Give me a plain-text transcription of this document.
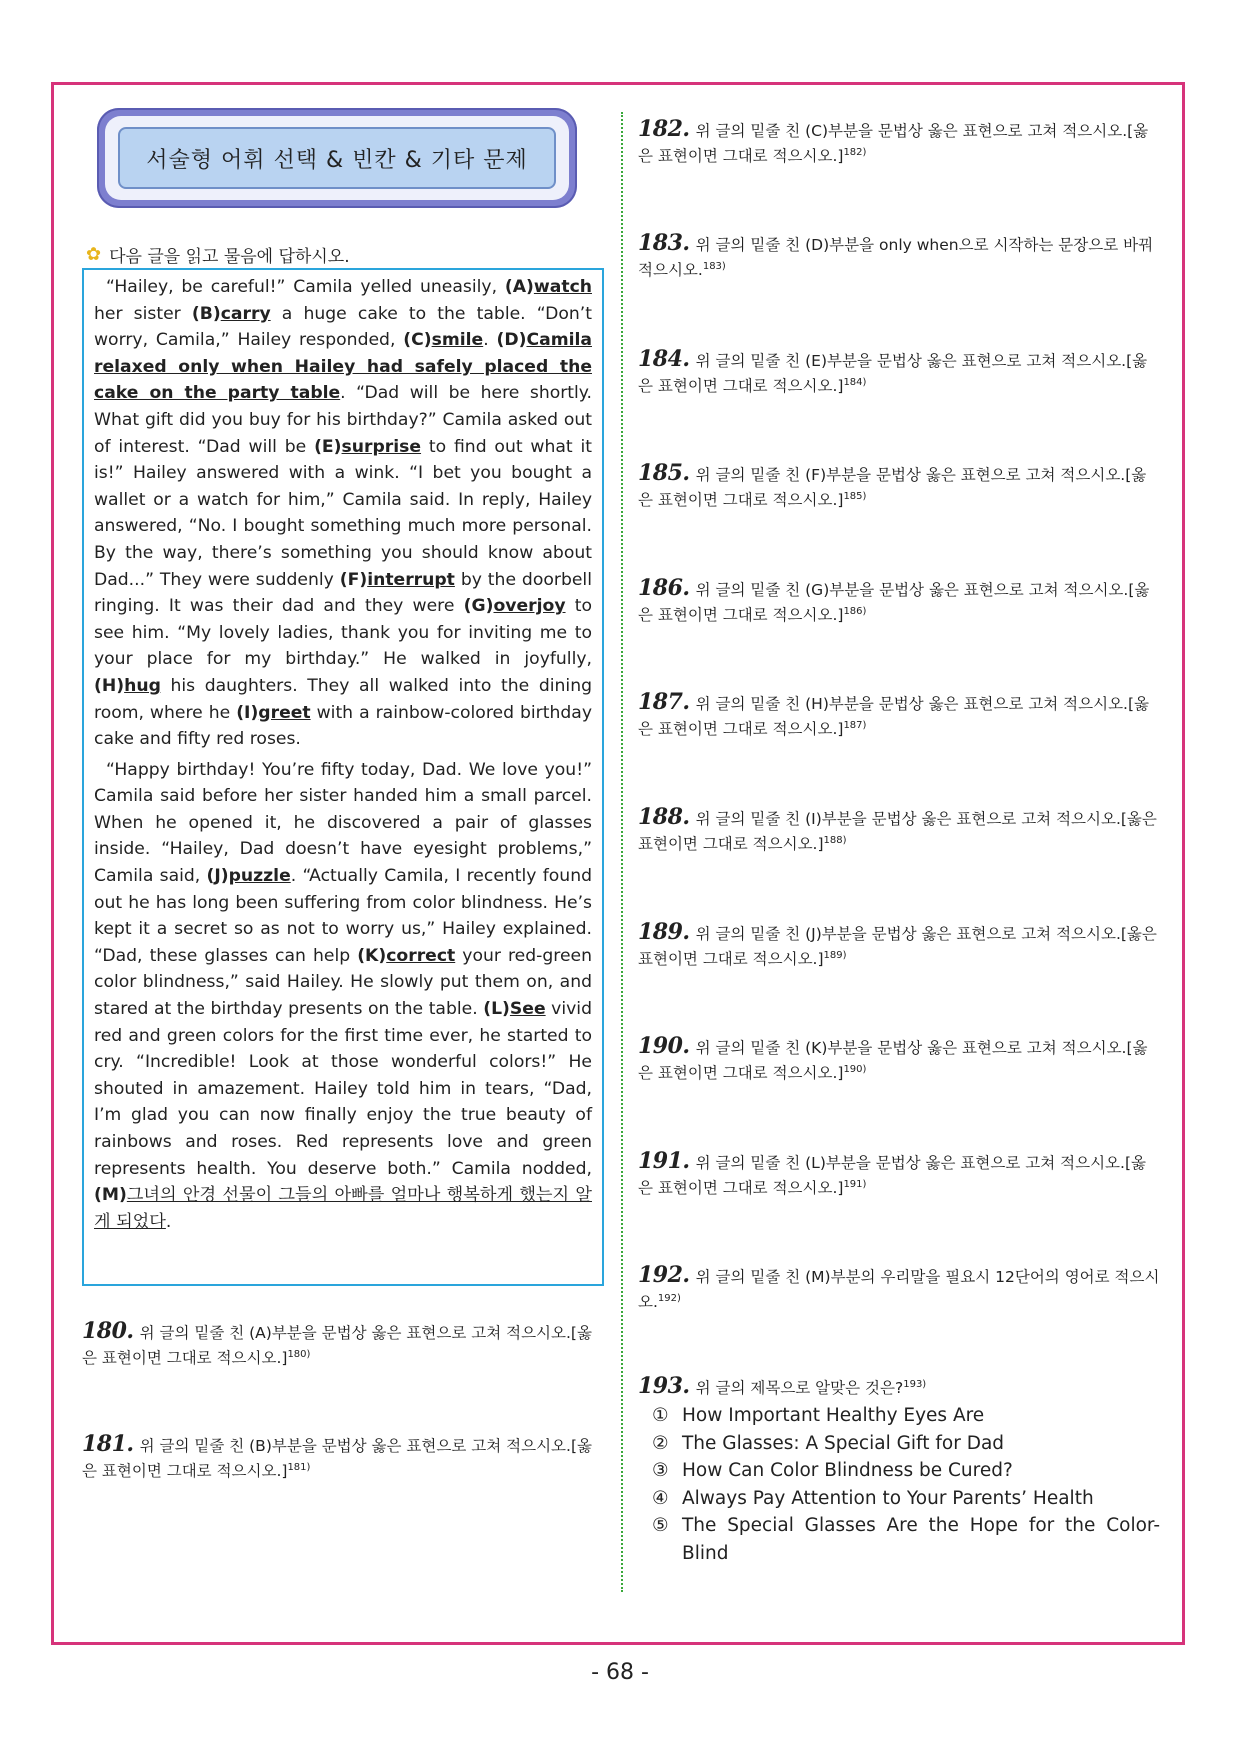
서술형 어휘 선택 & 빈칸 & 기타 문제
✿ 다음 글을 읽고 물음에 답하시오.

“Hailey, be careful!” Camila yelled uneasily, (A)watch her sister (B)carry a huge cake to the table. “Don’t worry, Camila,” Hailey responded, (C)smile. (D)Camila relaxed only when Hailey had safely placed the cake on the party table. “Dad will be here shortly. What gift did you buy for his birthday?” Camila asked out of interest. “Dad will be (E)surprise to find out what it is!” Hailey answered with a wink. “I bet you bought a wallet or a watch for him,” Camila said. In reply, Hailey answered, “No. I bought something much more personal. By the way, there’s something you should know about Dad...” They were suddenly (F)interrupt by the doorbell ringing. It was their dad and they were (G)overjoy to see him. “My lovely ladies, thank you for inviting me to your place for my birthday.” He walked in joyfully, (H)hug his daughters. They all walked into the dining room, where he (I)greet with a rainbow-colored birthday cake and fifty red roses.

“Happy birthday! You’re fifty today, Dad. We love you!” Camila said before her sister handed him a small parcel. When he opened it, he discovered a pair of glasses inside. “Hailey, Dad doesn’t have eyesight problems,” Camila said, (J)puzzle. “Actually Camila, I recently found out he has long been suffering from color blindness. He’s kept it a secret so as not to worry us,” Hailey explained. “Dad, these glasses can help (K)correct your red-green color blindness,” said Hailey. He slowly put them on, and stared at the birthday presents on the table. (L)See vivid red and green colors for the first time ever, he started to cry. “Incredible! Look at those wonderful colors!” He shouted in amazement. Hailey told him in tears, “Dad, I’m glad you can now finally enjoy the true beauty of rainbows and roses. Red represents love and green represents health. You deserve both.” Camila nodded, (M)그녀의 안경 선물이 그들의 아빠를 얼마나 행복하게 했는지 알게 되었다.

180. 위 글의 밑줄 친 (A)부분을 문법상 옳은 표현으로 고쳐 적으시오.[옳은 표현이면 그대로 적으시오.]$^{180)}$
181. 위 글의 밑줄 친 (B)부분을 문법상 옳은 표현으로 고쳐 적으시오.[옳은 표현이면 그대로 적으시오.]$^{181)}$
182. 위 글의 밑줄 친 (C)부분을 문법상 옳은 표현으로 고쳐 적으시오.[옳은 표현이면 그대로 적으시오.]$^{182)}$
183. 위 글의 밑줄 친 (D)부분을 only when으로 시작하는 문장으로 바꿔 적으시오.$^{183)}$
184. 위 글의 밑줄 친 (E)부분을 문법상 옳은 표현으로 고쳐 적으시오.[옳은 표현이면 그대로 적으시오.]$^{184)}$
185. 위 글의 밑줄 친 (F)부분을 문법상 옳은 표현으로 고쳐 적으시오.[옳은 표현이면 그대로 적으시오.]$^{185)}$
186. 위 글의 밑줄 친 (G)부분을 문법상 옳은 표현으로 고쳐 적으시오.[옳은 표현이면 그대로 적으시오.]$^{186)}$
187. 위 글의 밑줄 친 (H)부분을 문법상 옳은 표현으로 고쳐 적으시오.[옳은 표현이면 그대로 적으시오.]$^{187)}$
188. 위 글의 밑줄 친 (I)부분을 문법상 옳은 표현으로 고쳐 적으시오.[옳은 표현이면 그대로 적으시오.]$^{188)}$
189. 위 글의 밑줄 친 (J)부분을 문법상 옳은 표현으로 고쳐 적으시오.[옳은 표현이면 그대로 적으시오.]$^{189)}$
190. 위 글의 밑줄 친 (K)부분을 문법상 옳은 표현으로 고쳐 적으시오.[옳은 표현이면 그대로 적으시오.]$^{190)}$
191. 위 글의 밑줄 친 (L)부분을 문법상 옳은 표현으로 고쳐 적으시오.[옳은 표현이면 그대로 적으시오.]$^{191)}$
192. 위 글의 밑줄 친 (M)부분의 우리말을 필요시 12단어의 영어로 적으시오.$^{192)}$
193. 위 글의 제목으로 알맞은 것은?$^{193)}$
① How Important Healthy Eyes Are
② The Glasses: A Special Gift for Dad
③ How Can Color Blindness be Cured?
④ Always Pay Attention to Your Parents’ Health
⑤ The Special Glasses Are the Hope for the Color-Blind
- 68 -
